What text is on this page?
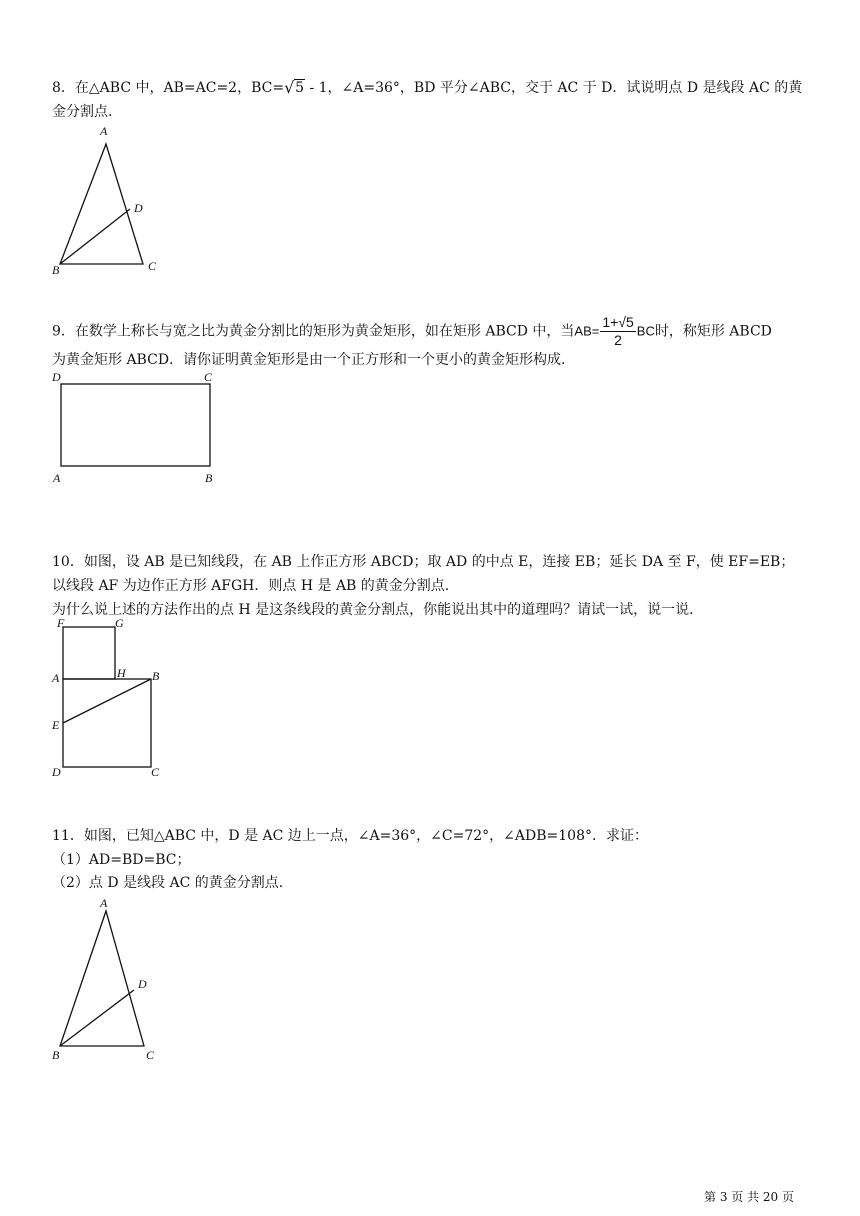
8．在△ABC 中，AB=AC=2，BC= √ 5 - 1，∠A=36°，BD 平分∠ABC，交于 AC 于 D．试说明点 D 是线段 AC 的黄
金分割点．
A
B	C
D
9．在数学上称长与宽之比为黄金分割比的矩形为黄金矩形，如在矩形 ABCD 中，当$AB= \frac{1+√5}{2}$ BC时，称矩形 ABCD
为黄金矩形 ABCD．请你证明黄金矩形是由一个正方形和一个更小的黄金矩形构成．
D	C
A	B
10．如图，设 AB 是已知线段，在 AB 上作正方形 ABCD；取 AD 的中点 E，连接 EB；延长 DA 至 F，使 EF=EB；
以线段 AF 为边作正方形 AFGH．则点 H 是 AB 的黄金分割点．
为什么说上述的方法作出的点 H 是这条线段的黄金分割点，你能说出其中的道理吗？请试一试，说一说．
F	G
A	H B
E
D	C
11．如图，已知△ABC 中，D 是 AC 边上一点，∠A=36°，∠C=72°，∠ADB=108°．求证：
（1）AD=BD=BC；
（2）点 D 是线段 AC 的黄金分割点．
A
B	C
D
第 3 页 共 20 页
